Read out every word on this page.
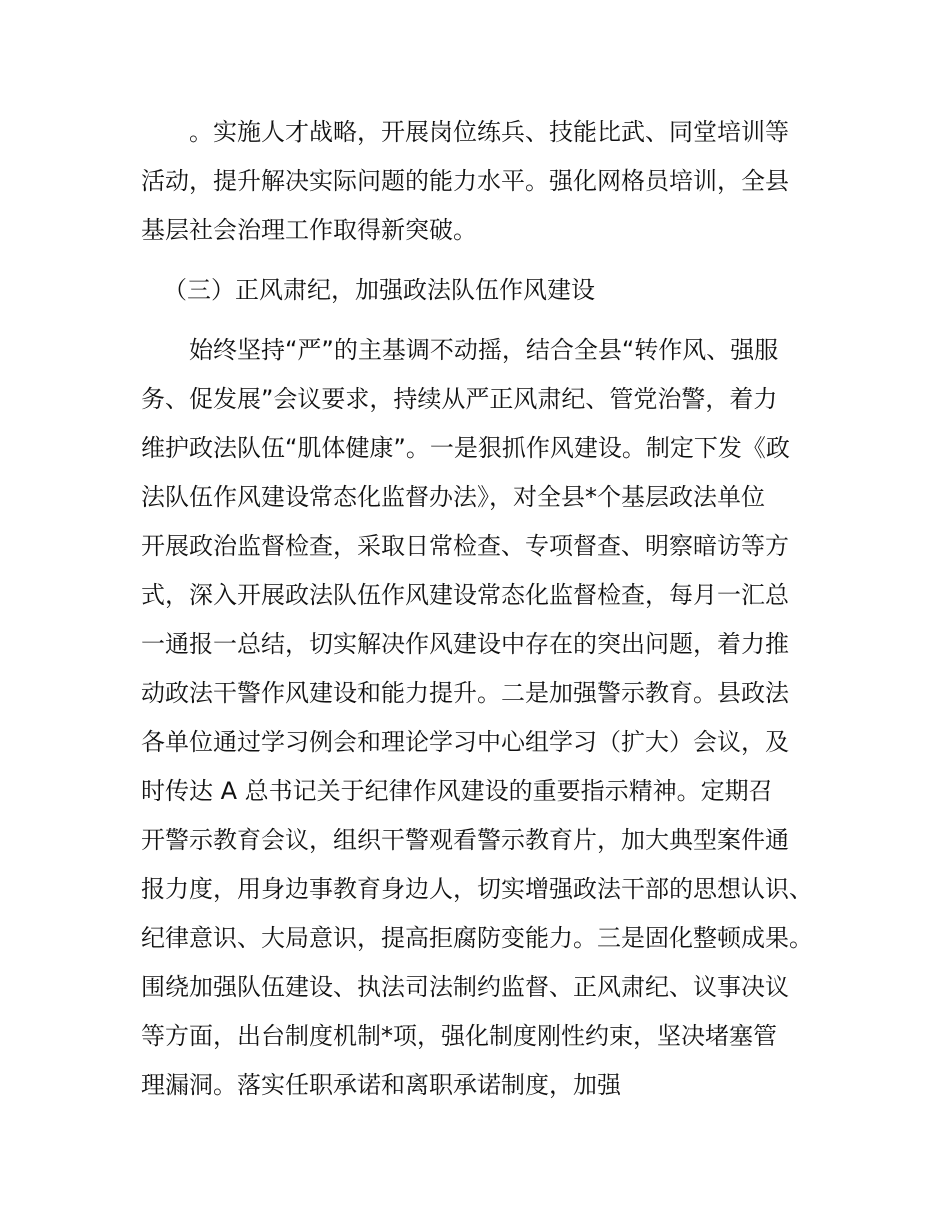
。实施人才战略，开展岗位练兵、技能比武、同堂培训等
活动，提升解决实际问题的能力水平。强化网格员培训，全县
基层社会治理工作取得新突破。
（三）正风肃纪，加强政法队伍作风建设
始终坚持“严”的主基调不动摇，结合全县“转作风、强服
务、促发展”会议要求，持续从严正风肃纪、管党治警，着力
维护政法队伍“肌体健康”。一是狠抓作风建设。制定下发《政
法队伍作风建设常态化监督办法》，对全县*个基层政法单位
开展政治监督检查，采取日常检查、专项督查、明察暗访等方
式，深入开展政法队伍作风建设常态化监督检查，每月一汇总
一通报一总结，切实解决作风建设中存在的突出问题，着力推
动政法干警作风建设和能力提升。二是加强警示教育。县政法
各单位通过学习例会和理论学习中心组学习（扩大）会议，及
时传达 A 总书记关于纪律作风建设的重要指示精神。定期召
开警示教育会议，组织干警观看警示教育片，加大典型案件通
报力度，用身边事教育身边人，切实增强政法干部的思想认识、
纪律意识、大局意识，提高拒腐防变能力。三是固化整顿成果。
围绕加强队伍建设、执法司法制约监督、正风肃纪、议事决议
等方面，出台制度机制*项，强化制度刚性约束，坚决堵塞管
理漏洞。落实任职承诺和离职承诺制度，加强
